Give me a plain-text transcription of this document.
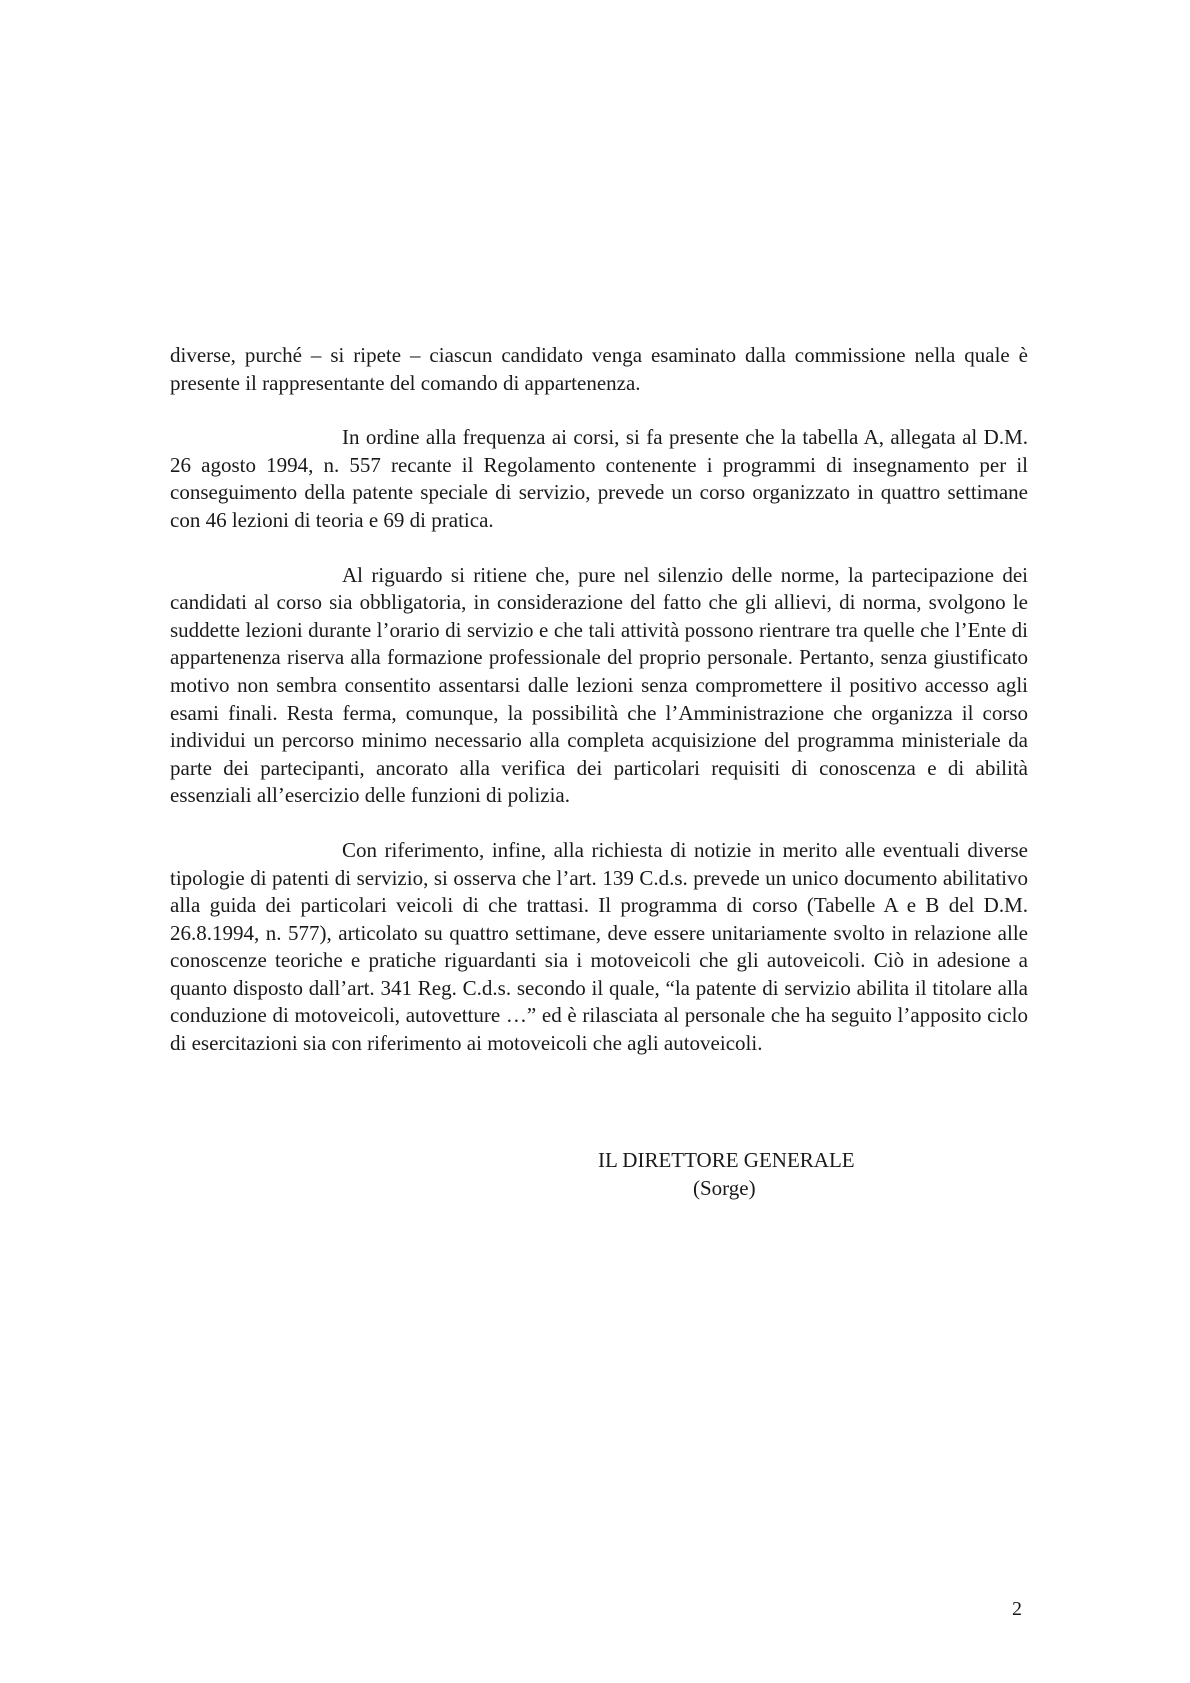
diverse, purché – si ripete – ciascun candidato venga esaminato dalla commissione nella quale è presente il rappresentante del comando di appartenenza.

In ordine alla frequenza ai corsi, si fa presente che la tabella A, allegata al D.M. 26 agosto 1994, n. 557 recante il Regolamento contenente i programmi di insegnamento per il conseguimento della patente speciale di servizio, prevede un corso organizzato in quattro settimane con 46 lezioni di teoria e 69 di pratica.

Al riguardo si ritiene che, pure nel silenzio delle norme, la partecipazione dei candidati al corso sia obbligatoria, in considerazione del fatto che gli allievi, di norma, svolgono le suddette lezioni durante l’orario di servizio e che tali attività possono rientrare tra quelle che l’Ente di appartenenza riserva alla formazione professionale del proprio personale. Pertanto, senza giustificato motivo non sembra consentito assentarsi dalle lezioni senza compromettere il positivo accesso agli esami finali. Resta ferma, comunque, la possibilità che l’Amministrazione che organizza il corso individui un percorso minimo necessario alla completa acquisizione del programma ministeriale da parte dei partecipanti, ancorato alla verifica dei particolari requisiti di conoscenza e di abilità essenziali all’esercizio delle funzioni di polizia.

Con riferimento, infine, alla richiesta di notizie in merito alle eventuali diverse tipologie di patenti di servizio, si osserva che l’art. 139 C.d.s. prevede un unico documento abilitativo alla guida dei particolari veicoli di che trattasi. Il programma di corso (Tabelle A e B del D.M. 26.8.1994, n. 577), articolato su quattro settimane, deve essere unitariamente svolto in relazione alle conoscenze teoriche e pratiche riguardanti sia i motoveicoli che gli autoveicoli. Ciò in adesione a quanto disposto dall’art. 341 Reg. C.d.s. secondo il quale, “la patente di servizio abilita il titolare alla conduzione di motoveicoli, autovetture …” ed è rilasciata al personale che ha seguito l’apposito ciclo di esercitazioni sia con riferimento ai motoveicoli che agli autoveicoli.

IL DIRETTORE GENERALE
(Sorge)
2
